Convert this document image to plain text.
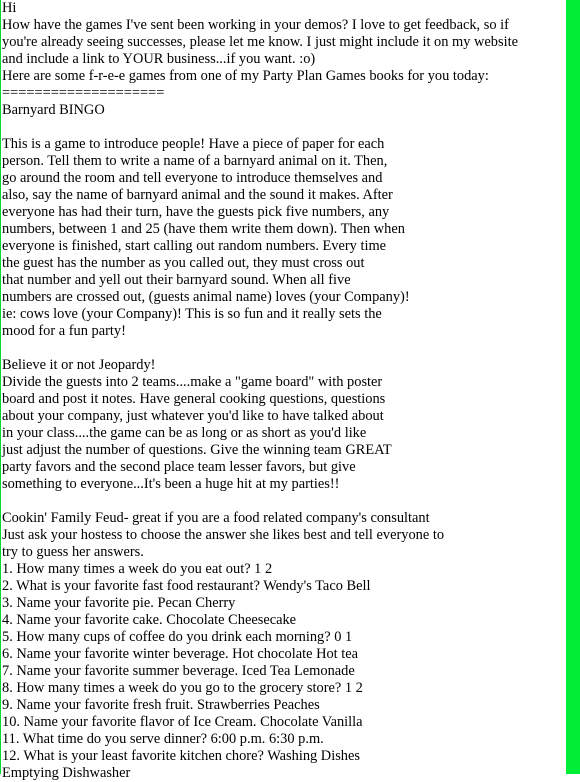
Hi
How have the games I've sent been working in your demos? I love to get feedback, so if
you're already seeing successes, please let me know. I just might include it on my website
and include a link to YOUR business...if you want. :o)
Here are some f-r-e-e games from one of my Party Plan Games books for you today:
====================
Barnyard BINGO
This is a game to introduce people! Have a piece of paper for each
person. Tell them to write a name of a barnyard animal on it. Then,
go around the room and tell everyone to introduce themselves and
also, say the name of barnyard animal and the sound it makes. After
everyone has had their turn, have the guests pick five numbers, any
numbers, between 1 and 25 (have them write them down). Then when
everyone is finished, start calling out random numbers. Every time
the guest has the number as you called out, they must cross out
that number and yell out their barnyard sound. When all five
numbers are crossed out, (guests animal name) loves (your Company)!
ie: cows love (your Company)! This is so fun and it really sets the
mood for a fun party!
Believe it or not Jeopardy!
Divide the guests into 2 teams....make a "game board" with poster
board and post it notes. Have general cooking questions, questions
about your company, just whatever you'd like to have talked about
in your class....the game can be as long or as short as you'd like
just adjust the number of questions. Give the winning team GREAT
party favors and the second place team lesser favors, but give
something to everyone...It's been a huge hit at my parties!!
Cookin' Family Feud- great if you are a food related company's consultant
Just ask your hostess to choose the answer she likes best and tell everyone to
try to guess her answers.
1. How many times a week do you eat out? 1 2
2. What is your favorite fast food restaurant? Wendy's Taco Bell
3. Name your favorite pie. Pecan Cherry
4. Name your favorite cake. Chocolate Cheesecake
5. How many cups of coffee do you drink each morning? 0 1
6. Name your favorite winter beverage. Hot chocolate Hot tea
7. Name your favorite summer beverage. Iced Tea Lemonade
8. How many times a week do you go to the grocery store? 1 2
9. Name your favorite fresh fruit. Strawberries Peaches
10. Name your favorite flavor of Ice Cream. Chocolate Vanilla
11. What time do you serve dinner? 6:00 p.m. 6:30 p.m.
12. What is your least favorite kitchen chore? Washing Dishes
Emptying Dishwasher
